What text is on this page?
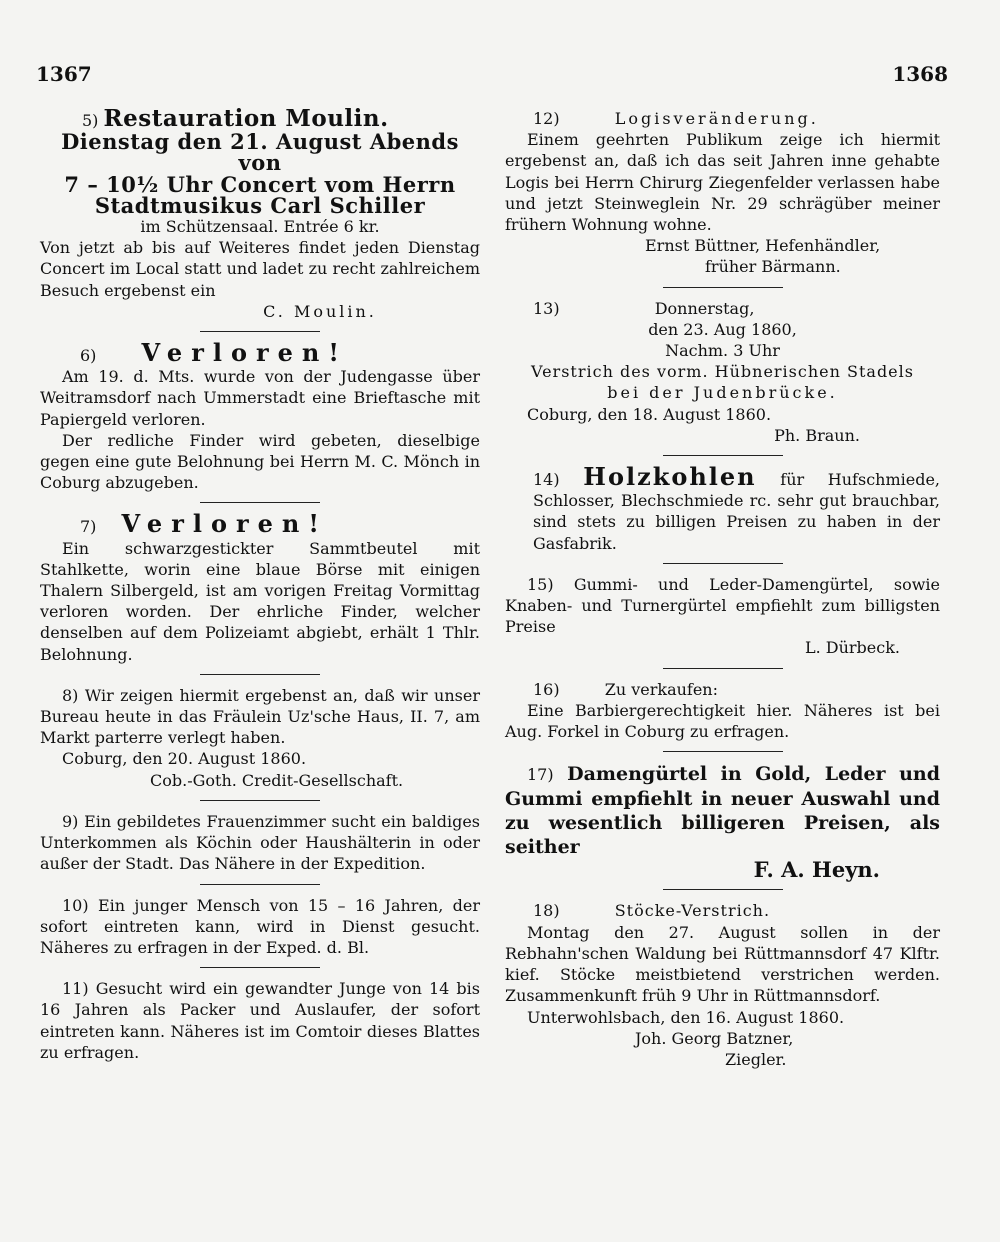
1367	1368

5) Restauration Moulin.

Dienstag den 21. August Abends von

7 – 10½ Uhr Concert vom Herrn

Stadtmusikus Carl Schiller

im Schützensaal. Entrée 6 kr.

Von jetzt ab bis auf Weiteres findet jeden Dienstag Concert im Local statt und ladet zu recht zahlreichem Besuch ergebenst ein

C. Moulin.

6) Verloren!

Am 19. d. Mts. wurde von der Judengasse über Weitramsdorf nach Ummerstadt eine Brieftasche mit Papiergeld verloren.

Der redliche Finder wird gebeten, dieselbige gegen eine gute Belohnung bei Herrn M. C. Mönch in Coburg abzugeben.

7) Verloren!

Ein schwarzgestickter Sammtbeutel mit Stahlkette, worin eine blaue Börse mit einigen Thalern Silbergeld, ist am vorigen Freitag Vormittag verloren worden. Der ehrliche Finder, welcher denselben auf dem Polizeiamt abgiebt, erhält 1 Thlr. Belohnung.

8) Wir zeigen hiermit ergebenst an, daß wir unser Bureau heute in das Fräulein Uz'sche Haus, II. 7, am Markt parterre verlegt haben.

Coburg, den 20. August 1860.

Cob.-Goth. Credit-Gesellschaft.

9) Ein gebildetes Frauenzimmer sucht ein baldiges Unterkommen als Köchin oder Haushälterin in oder außer der Stadt. Das Nähere in der Expedition.

10) Ein junger Mensch von 15 – 16 Jahren, der sofort eintreten kann, wird in Dienst gesucht. Näheres zu erfragen in der Exped. d. Bl.

11) Gesucht wird ein gewandter Junge von 14 bis 16 Jahren als Packer und Auslaufer, der sofort eintreten kann. Näheres ist im Comtoir dieses Blattes zu erfragen.

12)	Logisveränderung.

Einem geehrten Publikum zeige ich hiermit ergebenst an, daß ich das seit Jahren inne gehabte Logis bei Herrn Chirurg Ziegenfelder verlassen habe und jetzt Steinweglein Nr. 29 schrägüber meiner frühern Wohnung wohne.

Ernst Büttner, Hefenhändler,

früher Bärmann.

13)	Donnerstag,

den 23. Aug 1860,

Nachm. 3 Uhr

Verstrich des vorm. Hübnerischen Stadels

bei der Judenbrücke.

Coburg, den 18. August 1860.

Ph. Braun.

14) Holzkohlen für Hufschmiede, Schlosser, Blechschmiede rc. sehr gut brauchbar, sind stets zu billigen Preisen zu haben in der Gasfabrik.

15) Gummi- und Leder-Damengürtel, sowie Knaben- und Turnergürtel empfiehlt zum billigsten Preise

L. Dürbeck.

16)	Zu verkaufen:

Eine Barbiergerechtigkeit hier. Näheres ist bei Aug. Forkel in Coburg zu erfragen.

17) Damengürtel in Gold, Leder und Gummi empfiehlt in neuer Auswahl und zu wesentlich billigeren Preisen, als seither

F. A. Heyn.

18)	Stöcke-Verstrich.

Montag den 27. August sollen in der Rebhahn'schen Waldung bei Rüttmannsdorf 47 Klftr. kief. Stöcke meistbietend verstrichen werden. Zusammenkunft früh 9 Uhr in Rüttmannsdorf.

Unterwohlsbach, den 16. August 1860.

Joh. Georg Batzner,

Ziegler.
